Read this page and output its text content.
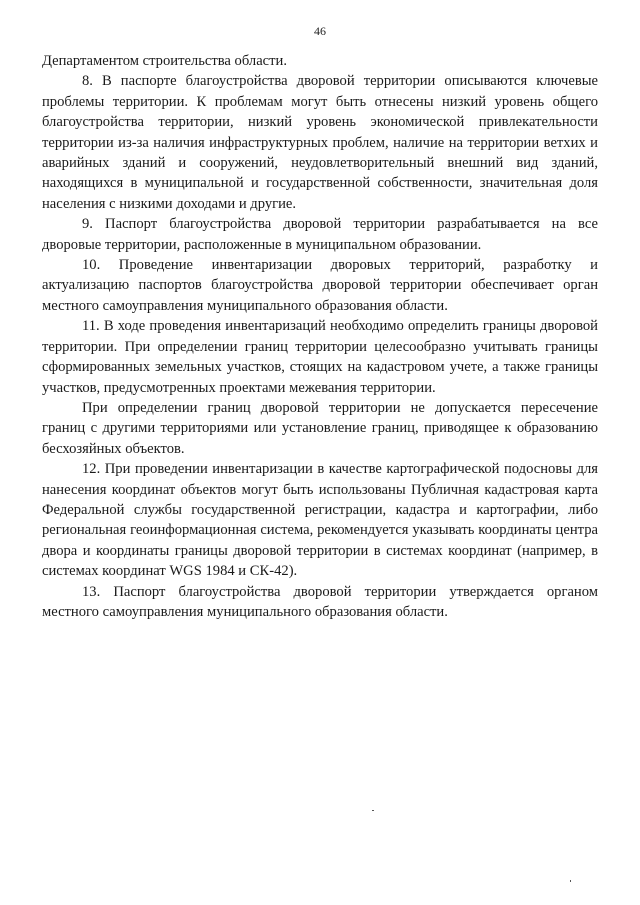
46

Департаментом строительства области.

8. В паспорте благоустройства дворовой территории описываются ключевые проблемы территории. К проблемам могут быть отнесены низкий уровень общего благоустройства территории, низкий уровень экономической привлекательности территории из-за наличия инфраструктурных проблем, наличие на территории ветхих и аварийных зданий и сооружений, неудовлетворительный внешний вид зданий, находящихся в муниципальной и государственной собственности, значительная доля населения с низкими доходами и другие.

9. Паспорт благоустройства дворовой территории разрабатывается на все дворовые территории, расположенные в муниципальном образовании.

10. Проведение инвентаризации дворовых территорий, разработку и актуализацию паспортов благоустройства дворовой территории обеспечивает орган местного самоуправления муниципального образования области.

11. В ходе проведения инвентаризаций необходимо определить границы дворовой территории. При определении границ территории целесообразно учитывать границы сформированных земельных участков, стоящих на кадастровом учете, а также границы участков, предусмотренных проектами межевания территории.

При определении границ дворовой территории не допускается пересечение границ с другими территориями или установление границ, приводящее к образованию бесхозяйных объектов.

12. При проведении инвентаризации в качестве картографической подосновы для нанесения координат объектов могут быть использованы Публичная кадастровая карта Федеральной службы государственной регистрации, кадастра и картографии, либо региональная геоинформационная система, рекомендуется указывать координаты центра двора и координаты границы дворовой территории в системах координат (например, в системах координат WGS 1984 и СК-42).

13. Паспорт благоустройства дворовой территории утверждается органом местного самоуправления муниципального образования области.
